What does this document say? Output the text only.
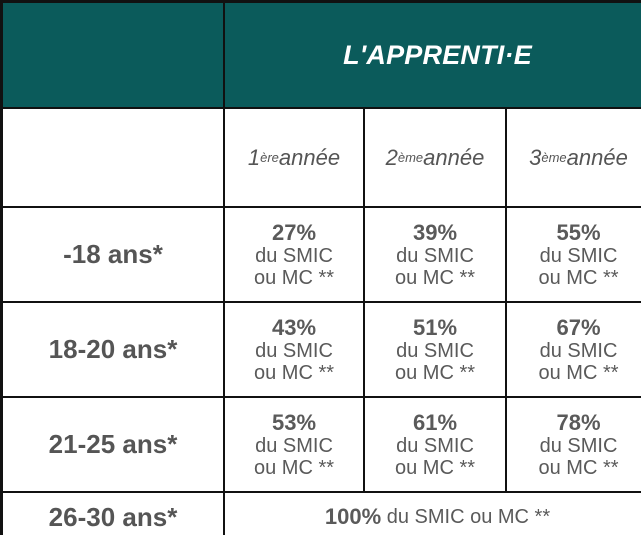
L'APPRENTI·E
1 ère année 2 ème année 3 ème année
-18 ans*
27%
du SMIC
ou MC **
39%
du SMIC
ou MC **
55%
du SMIC
ou MC **
18-20 ans*
43%
du SMIC
ou MC **
51%
du SMIC
ou MC **
67%
du SMIC
ou MC **
21-25 ans*
53%
du SMIC
ou MC **
61%
du SMIC
ou MC **
78%
du SMIC
ou MC **
26-30 ans*	100% du SMIC ou MC **
